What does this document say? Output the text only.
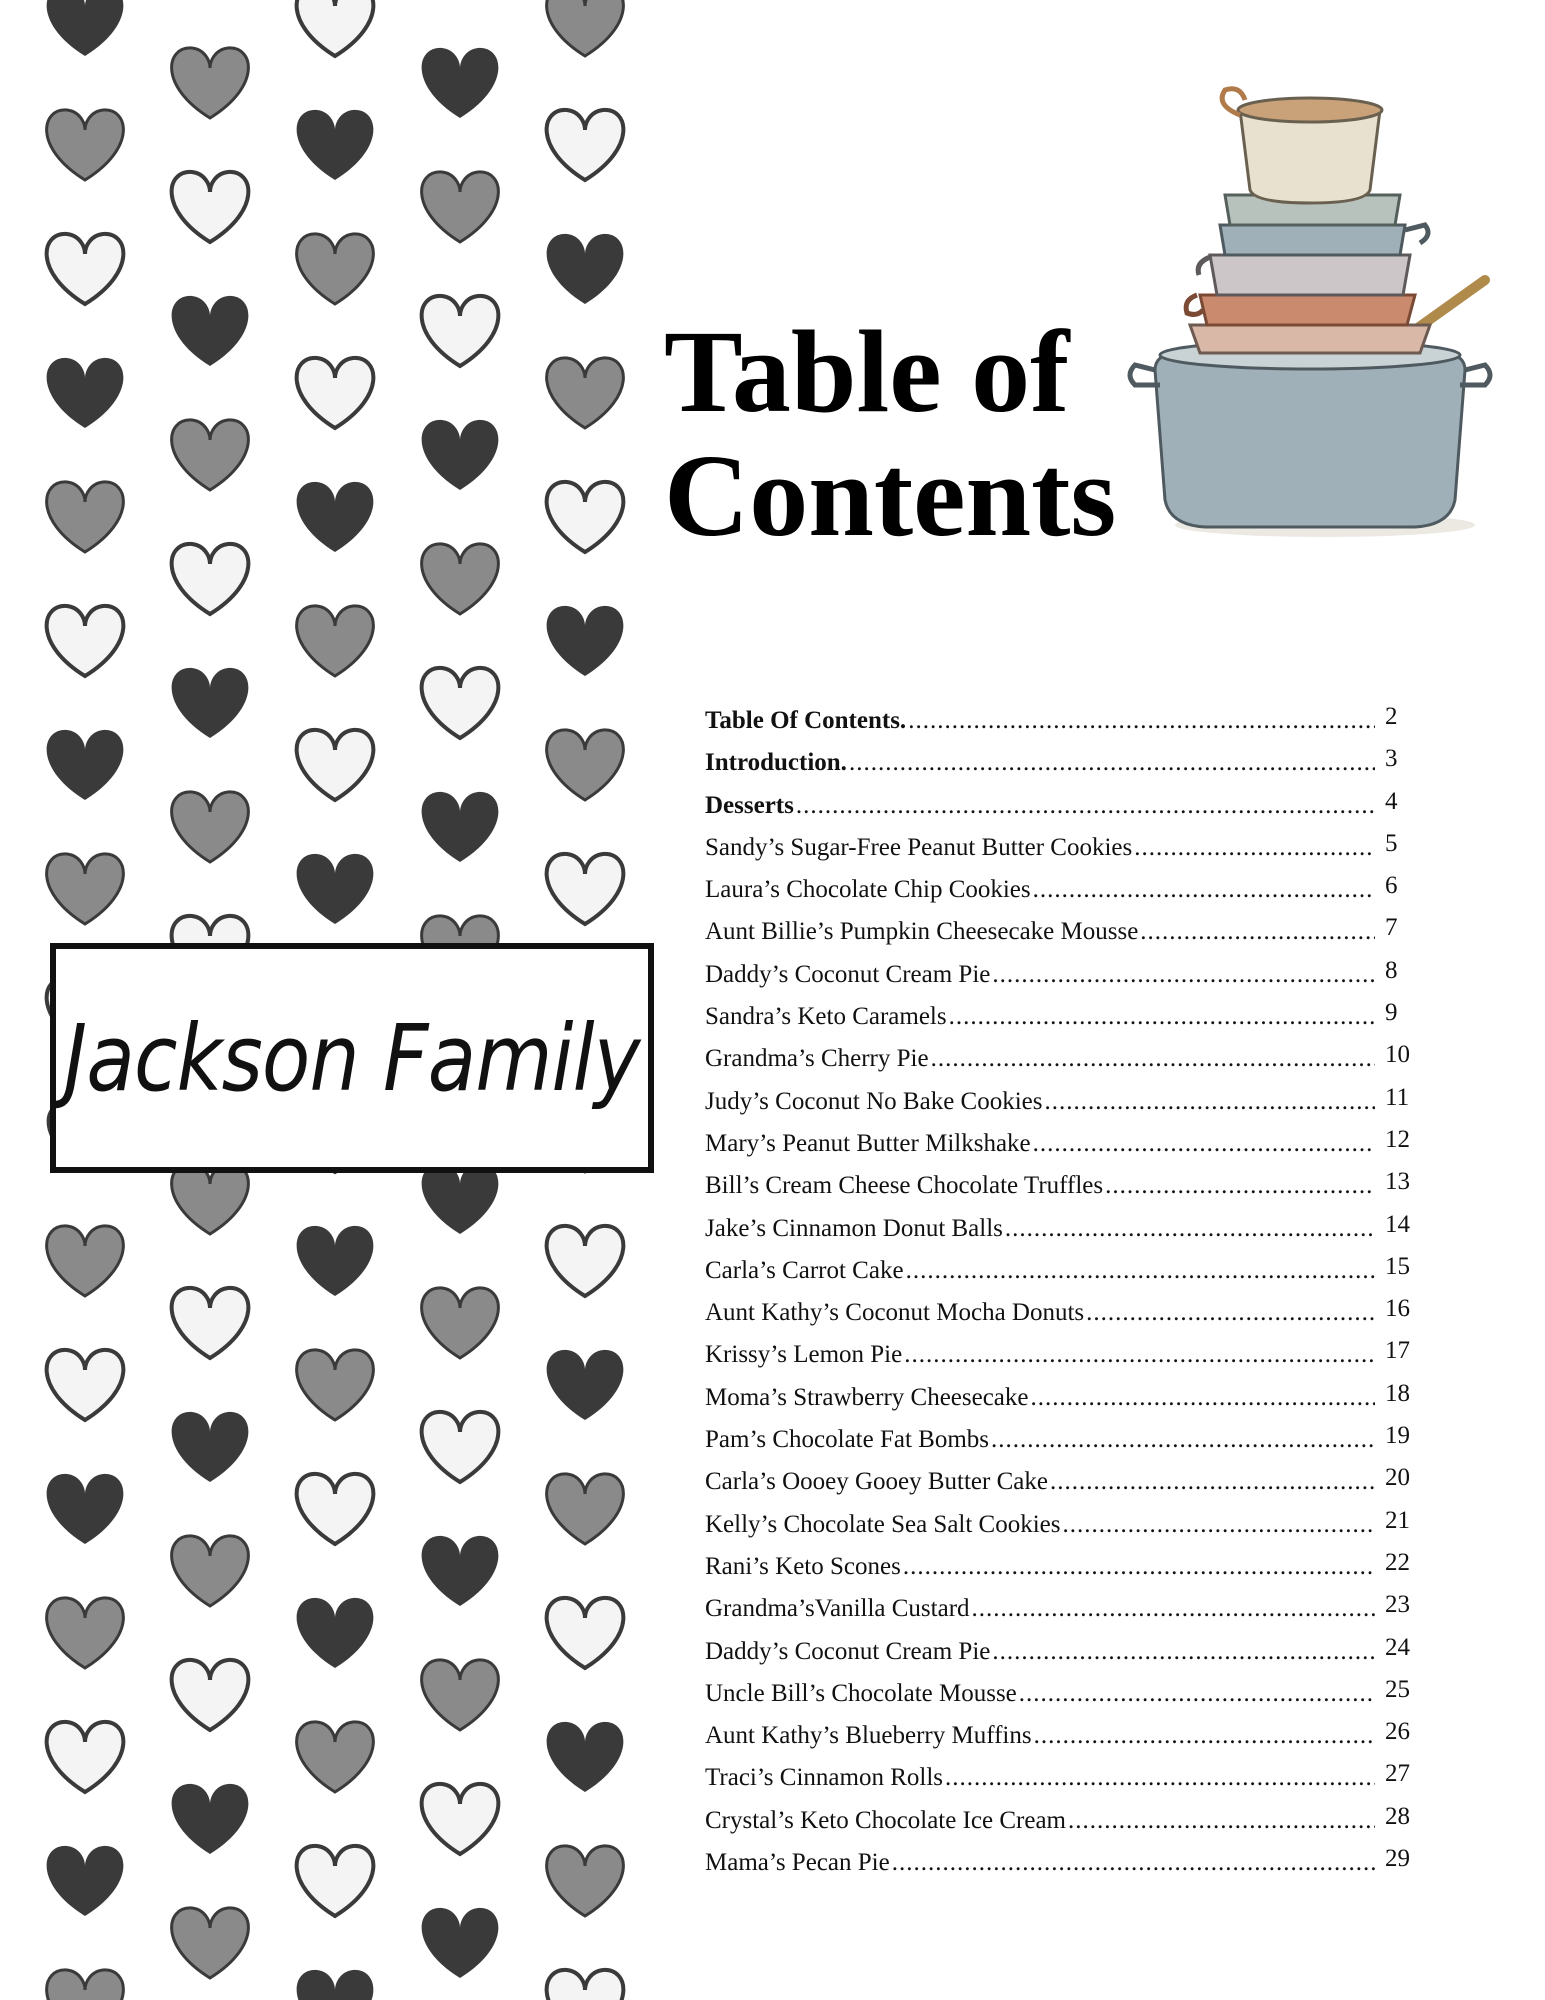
Jackson Family
Table of
Contents
Table Of Contents. .....	2
Introduction. .....	3
Desserts .....	4
Sandy’s Sugar-Free Peanut Butter Cookies .....	5
Laura’s Chocolate Chip Cookies .....	6
Aunt Billie’s Pumpkin Cheesecake Mousse .....	7
Daddy’s Coconut Cream Pie .....	8
Sandra’s Keto Caramels .....	9
Grandma’s Cherry Pie .....	10
Judy’s Coconut No Bake Cookies .....	11
Mary’s Peanut Butter Milkshake .....	12
Bill’s Cream Cheese Chocolate Truffles .....	13
Jake’s Cinnamon Donut Balls .....	14
Carla’s Carrot Cake .....	15
Aunt Kathy’s Coconut Mocha Donuts .....	16
Krissy’s Lemon Pie .....	17
Moma’s Strawberry Cheesecake .....	18
Pam’s Chocolate Fat Bombs .....	19
Carla’s Oooey Gooey Butter Cake .....	20
Kelly’s Chocolate Sea Salt Cookies .....	21
Rani’s Keto Scones .....	22
Grandma’sVanilla Custard .....	23
Daddy’s Coconut Cream Pie .....	24
Uncle Bill’s Chocolate Mousse .....	25
Aunt Kathy’s Blueberry Muffins .....	26
Traci’s Cinnamon Rolls .....	27
Crystal’s Keto Chocolate Ice Cream .....	28
Mama’s Pecan Pie .....	29
